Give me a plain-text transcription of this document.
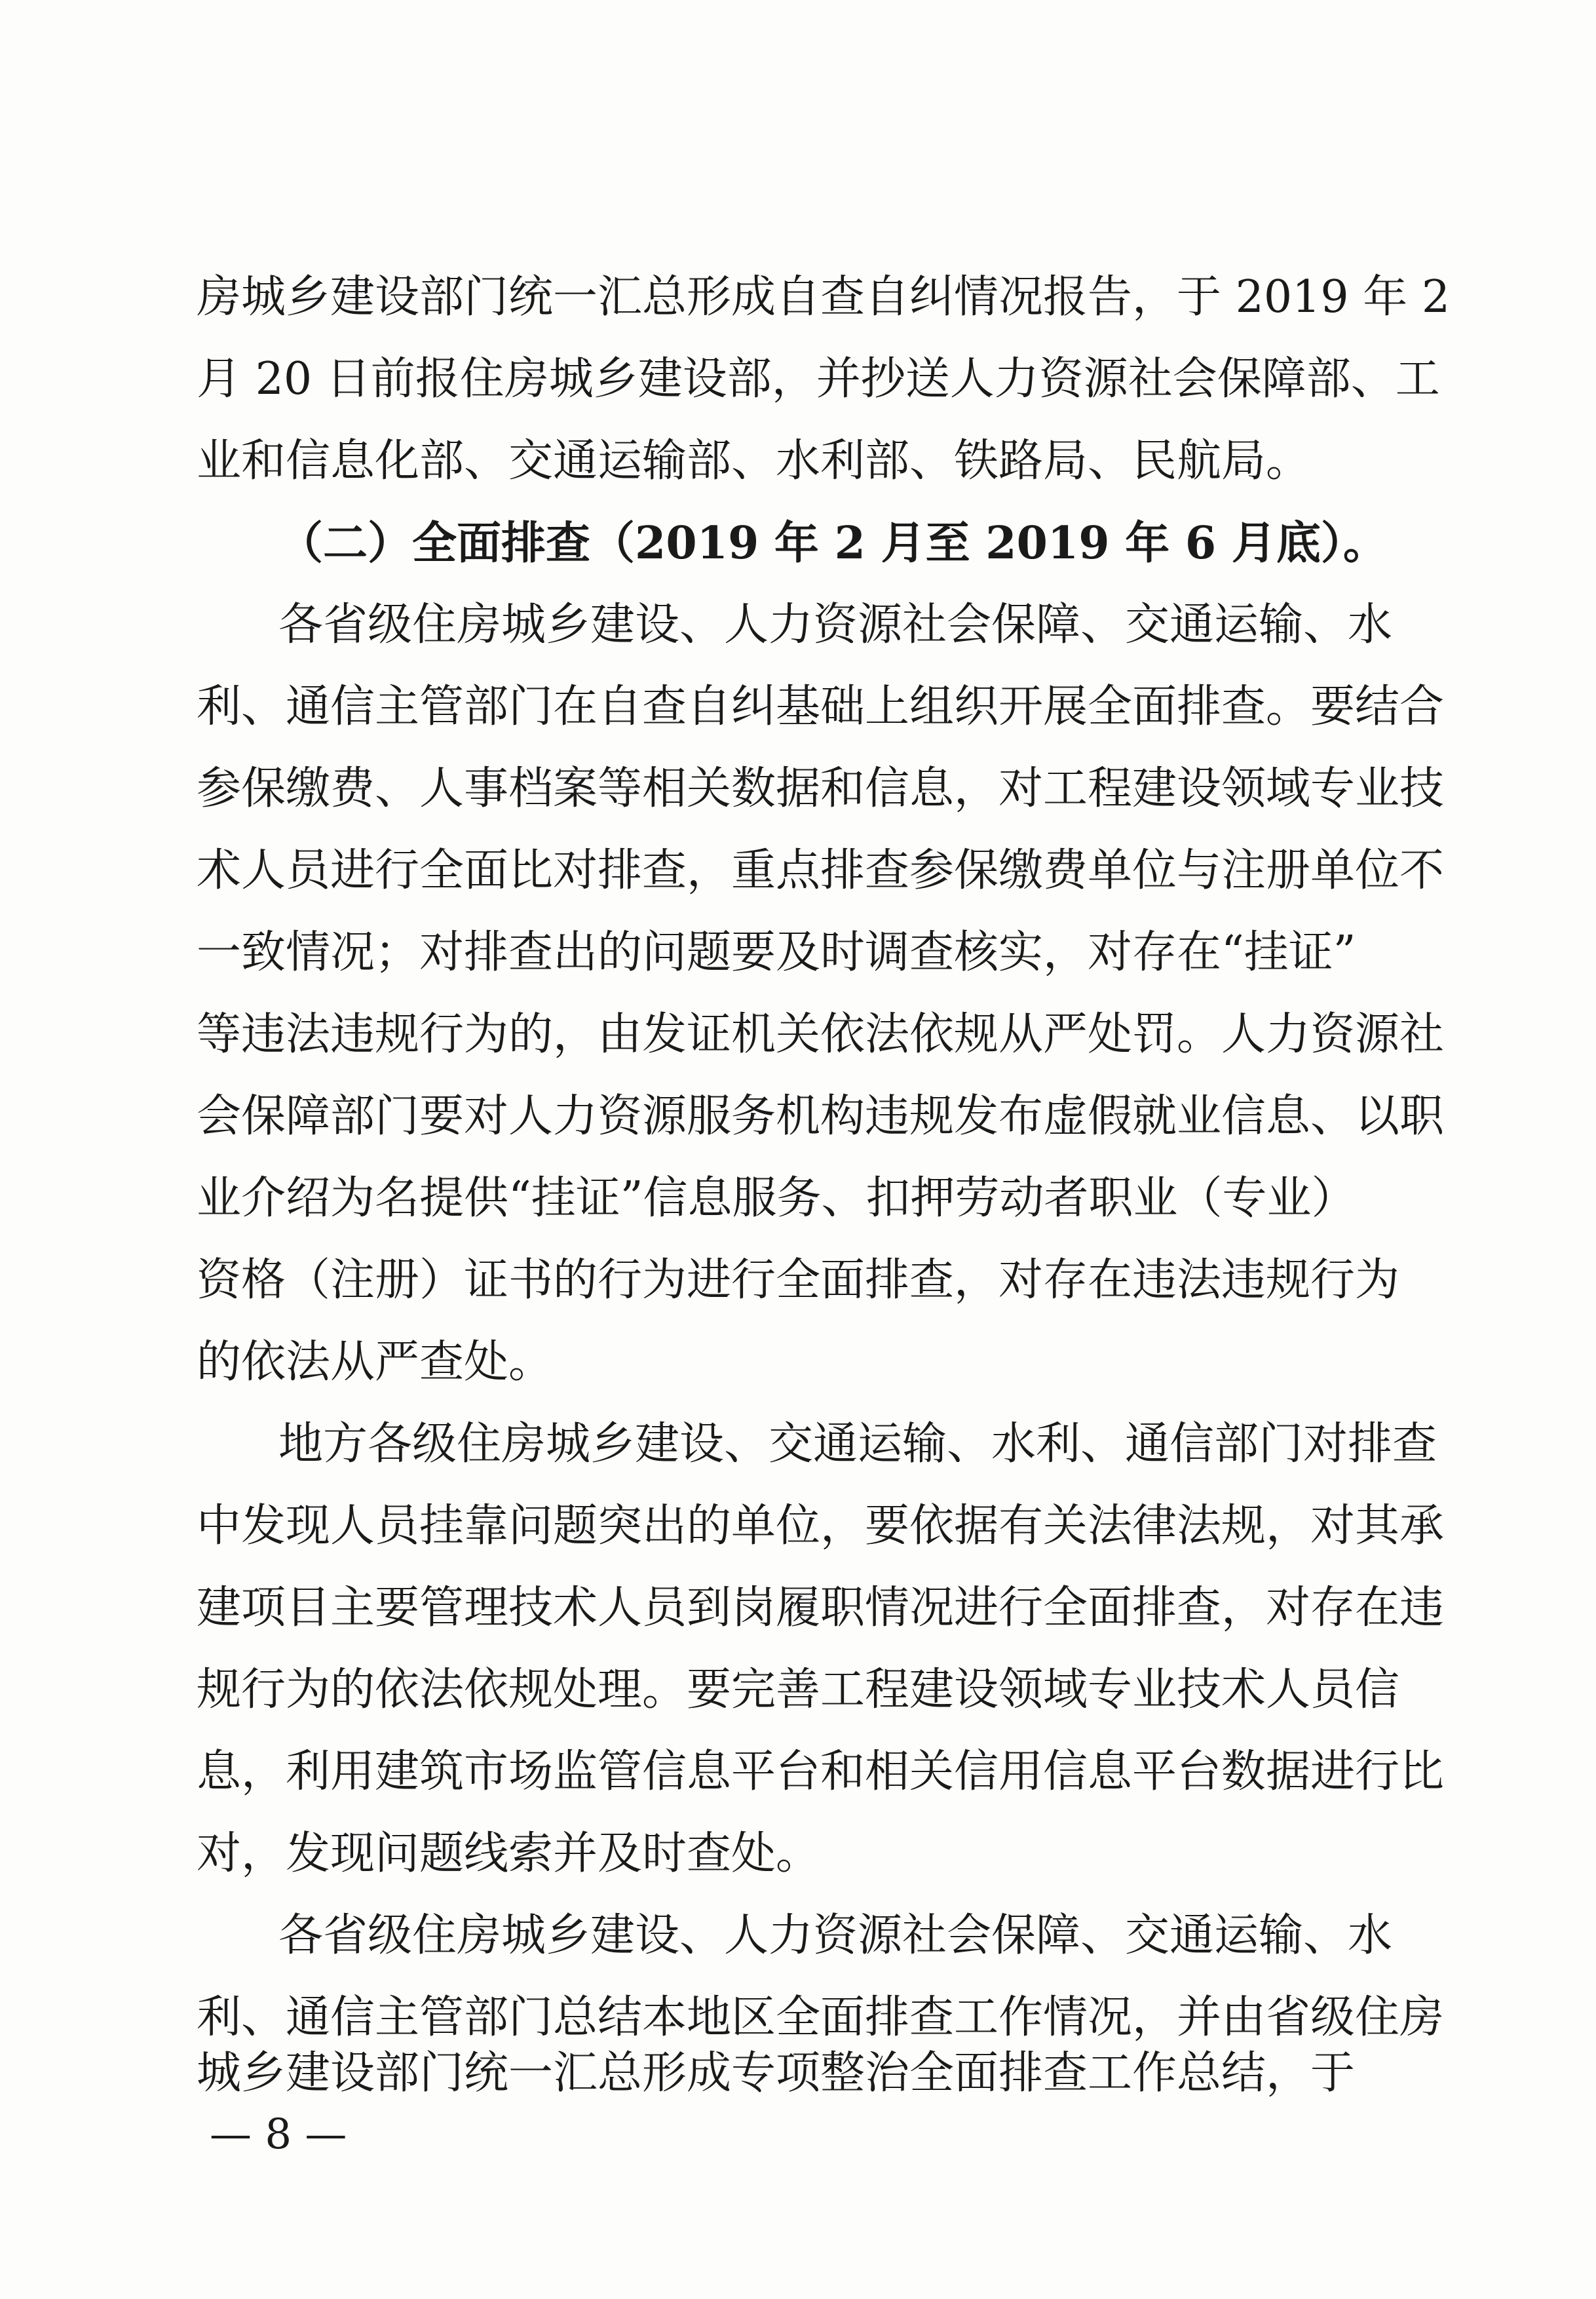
房城乡建设部门统一汇总形成自查自纠情况报告，于 2019 年 2
月 20 日前报住房城乡建设部，并抄送人力资源社会保障部、工
业和信息化部、交通运输部、水利部、铁路局、民航局。
（二）全面排查（2019 年 2 月至 2019 年 6 月底）。
各省级住房城乡建设、人力资源社会保障、交通运输、水
利、通信主管部门在自查自纠基础上组织开展全面排查。要结合
参保缴费、人事档案等相关数据和信息，对工程建设领域专业技
术人员进行全面比对排查，重点排查参保缴费单位与注册单位不
一致情况；对排查出的问题要及时调查核实，对存在“挂证”
等违法违规行为的，由发证机关依法依规从严处罚。人力资源社
会保障部门要对人力资源服务机构违规发布虚假就业信息、以职
业介绍为名提供“挂证”信息服务、扣押劳动者职业（专业）
资格（注册）证书的行为进行全面排查，对存在违法违规行为
的依法从严查处。
地方各级住房城乡建设、交通运输、水利、通信部门对排查
中发现人员挂靠问题突出的单位，要依据有关法律法规，对其承
建项目主要管理技术人员到岗履职情况进行全面排查，对存在违
规行为的依法依规处理。要完善工程建设领域专业技术人员信
息，利用建筑市场监管信息平台和相关信用信息平台数据进行比
对，发现问题线索并及时查处。
各省级住房城乡建设、人力资源社会保障、交通运输、水
利、通信主管部门总结本地区全面排查工作情况，并由省级住房
城乡建设部门统一汇总形成专项整治全面排查工作总结，于
— 8 —
